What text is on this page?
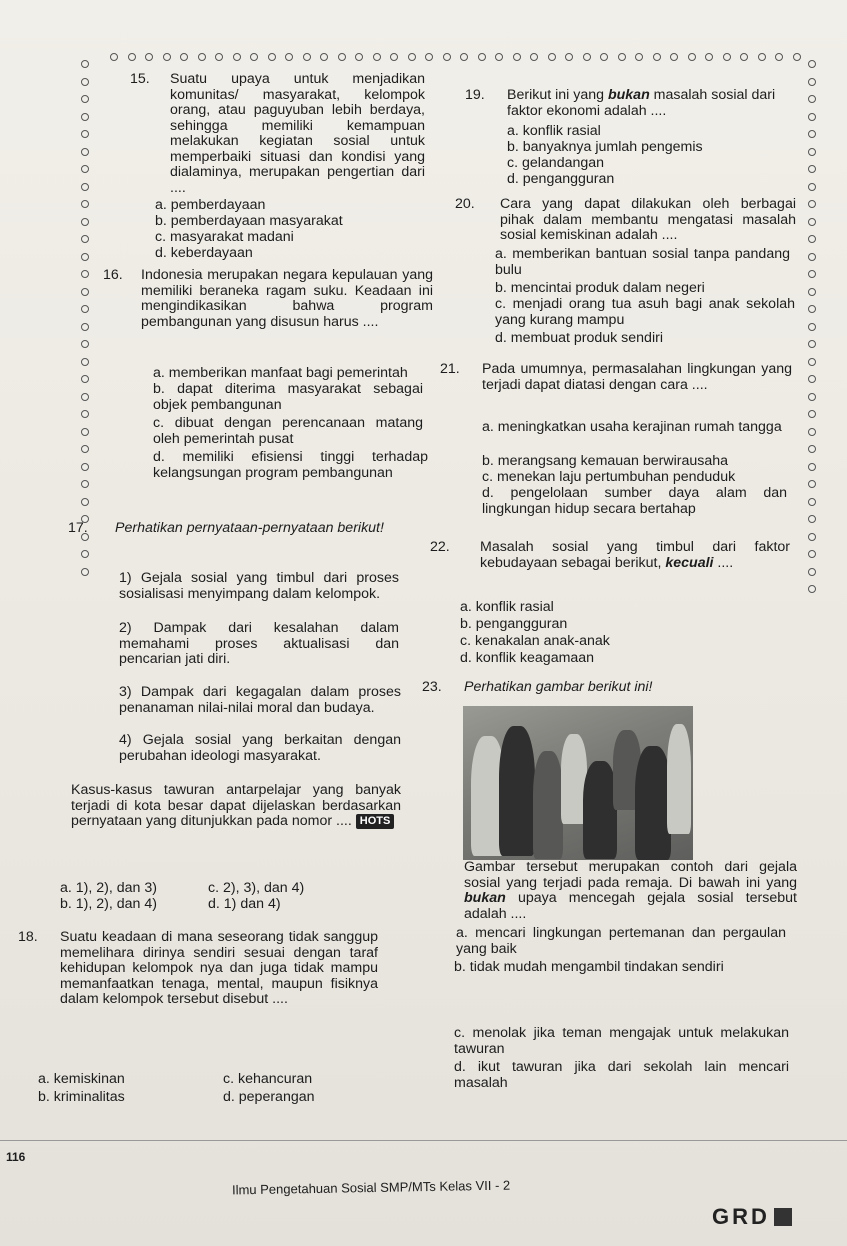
15. Suatu upaya untuk menjadikan komunitas/ masyarakat, kelompok orang, atau paguyuban lebih berdaya, sehingga memiliki kemampuan melakukan kegiatan sosial untuk memperbaiki situasi dan kondisi yang dialaminya, merupakan pengertian dari ....
a. pemberdayaan
b. pemberdayaan masyarakat
c. masyarakat madani
d. keberdayaan
16. Indonesia merupakan negara kepulauan yang memiliki beraneka ragam suku. Keadaan ini mengindikasikan bahwa program pembangunan yang disusun harus ....
a. memberikan manfaat bagi pemerintah
b. dapat diterima masyarakat sebagai objek pembangunan
c. dibuat dengan perencanaan matang oleh pemerintah pusat
d. memiliki efisiensi tinggi terhadap kelangsungan program pembangunan
17. Perhatikan pernyataan-pernyataan berikut!
1) Gejala sosial yang timbul dari proses sosialisasi menyimpang dalam kelompok.
2) Dampak dari kesalahan dalam memahami proses aktualisasi dan pencarian jati diri.
3) Dampak dari kegagalan dalam proses penanaman nilai-nilai moral dan budaya.
4) Gejala sosial yang berkaitan dengan perubahan ideologi masyarakat.
Kasus-kasus tawuran antarpelajar yang banyak terjadi di kota besar dapat dijelaskan berdasarkan pernyataan yang ditunjukkan pada nomor .... HOTS
a. 1), 2), dan 3)
b. 1), 2), dan 4)
c. 2), 3), dan 4)
d. 1) dan 4)
18. Suatu keadaan di mana seseorang tidak sanggup memelihara dirinya sendiri sesuai dengan taraf kehidupan kelompok nya dan juga tidak mampu memanfaatkan tenaga, mental, maupun fisiknya dalam kelompok tersebut disebut ....
a. kemiskinan
b. kriminalitas
c. kehancuran
d. peperangan
19. Berikut ini yang bukan masalah sosial dari faktor ekonomi adalah ....
a. konflik rasial
b. banyaknya jumlah pengemis
c. gelandangan
d. pengangguran
20. Cara yang dapat dilakukan oleh berbagai pihak dalam membantu mengatasi masalah sosial kemiskinan adalah ....
a. memberikan bantuan sosial tanpa pandang bulu
b. mencintai produk dalam negeri
c. menjadi orang tua asuh bagi anak sekolah yang kurang mampu
d. membuat produk sendiri
21. Pada umumnya, permasalahan lingkungan yang terjadi dapat diatasi dengan cara ....
a. meningkatkan usaha kerajinan rumah tangga
b. merangsang kemauan berwirausaha
c. menekan laju pertumbuhan penduduk
d. pengelolaan sumber daya alam dan lingkungan hidup secara bertahap
22. Masalah sosial yang timbul dari faktor kebudayaan sebagai berikut, kecuali ....
a. konflik rasial
b. pengangguran
c. kenakalan anak-anak
d. konflik keagamaan
23. Perhatikan gambar berikut ini!
Gambar tersebut merupakan contoh dari gejala sosial yang terjadi pada remaja. Di bawah ini yang bukan upaya mencegah gejala sosial tersebut adalah ....
a. mencari lingkungan pertemanan dan pergaulan yang baik
b. tidak mudah mengambil tindakan sendiri
c. menolak jika teman mengajak untuk melakukan tawuran
d. ikut tawuran jika dari sekolah lain mencari masalah
116
Ilmu Pengetahuan Sosial SMP/MTs Kelas VII - 2
GRD
